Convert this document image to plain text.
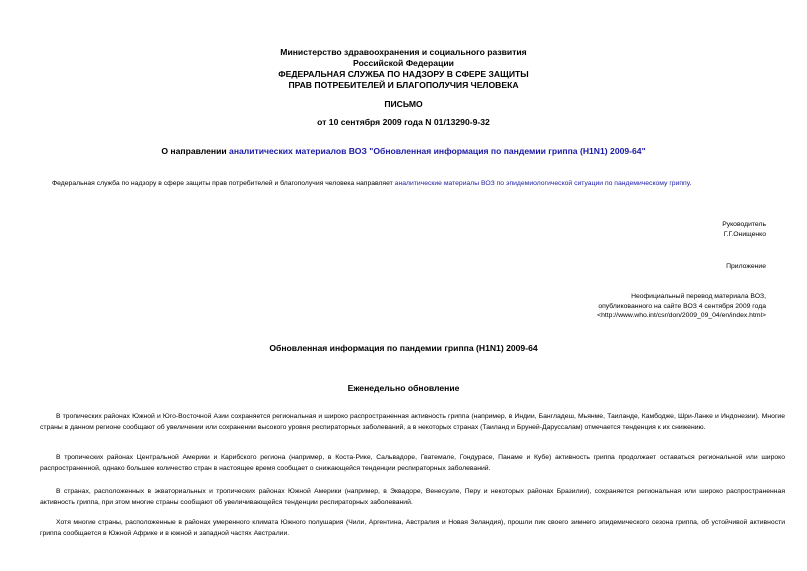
Министерство здравоохранения и социального развития
Российской Федерации
ФЕДЕРАЛЬНАЯ СЛУЖБА ПО НАДЗОРУ В СФЕРЕ ЗАЩИТЫ
ПРАВ ПОТРЕБИТЕЛЕЙ И БЛАГОПОЛУЧИЯ ЧЕЛОВЕКА
ПИСЬМО
от 10 сентября 2009 года N 01/13290-9-32
О направлении аналитических материалов ВОЗ "Обновленная информация по пандемии гриппа (H1N1) 2009-64"
Федеральная служба по надзору в сфере защиты прав потребителей и благополучия человека направляет аналитические материалы ВОЗ по эпидемиологической ситуации по пандемическому гриппу.
Руководитель
Г.Г.Онищенко
Приложение
Неофициальный перевод материала ВОЗ,
опубликованного на сайте ВОЗ 4 сентября 2009 года
<http://www.who.int/csr/don/2009_09_04/en/index.html>
Обновленная информация по пандемии гриппа (H1N1) 2009-64
Еженедельно обновление
В тропических районах Южной и Юго-Восточной Азии сохраняется региональная и широко распространенная активность гриппа (например, в Индии, Бангладеш, Мьянме, Таиланде, Камбодже, Шри-Ланке и Индонезии). Многие страны в данном регионе сообщают об увеличении или сохранении высокого уровня респираторных заболеваний, а в некоторых странах (Таиланд и Бруней-Даруссалам) отмечается тенденция к их снижению.
В тропических районах Центральной Америки и Карибского региона (например, в Коста-Рике, Сальвадоре, Гватемале, Гондурасе, Панаме и Кубе) активность гриппа продолжает оставаться региональной или широко распространенной, однако большее количество стран в настоящее время сообщает о снижающейся тенденции респираторных заболеваний.
В странах, расположенных в экваториальных и тропических районах Южной Америки (например, в Эквадоре, Венесуэле, Перу и некоторых районах Бразилии), сохраняется региональная или широко распространенная активность гриппа, при этом многие страны сообщают об увеличивающейся тенденции респираторных заболеваний.
Хотя многие страны, расположенные в районах умеренного климата Южного полушария (Чили, Аргентина, Австралия и Новая Зеландия), прошли пик своего зимнего эпидемического сезона гриппа, об устойчивой активности гриппа сообщается в Южной Африке и в южной и западной частях Австралии.
